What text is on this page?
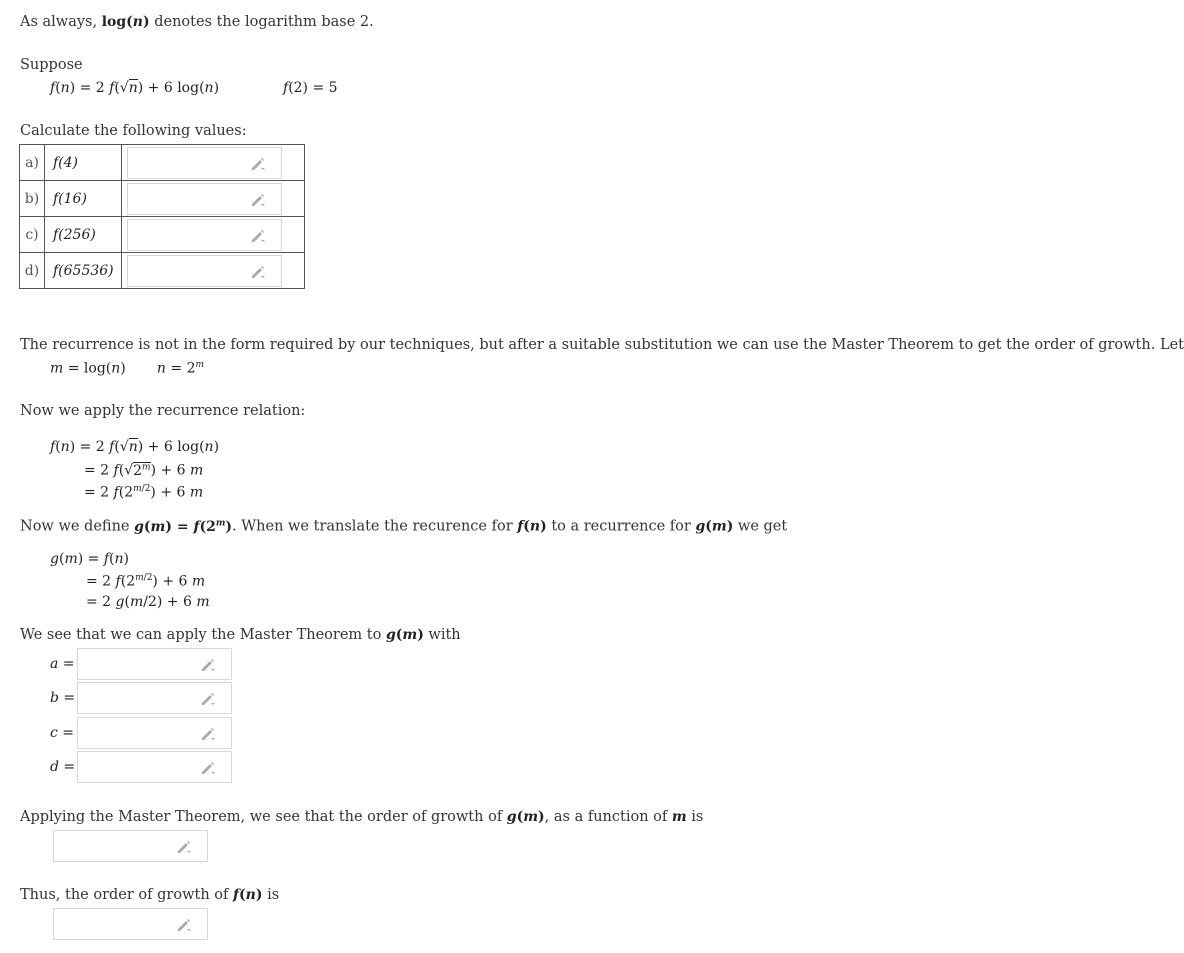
As always, log(n) denotes the logarithm base 2.
Suppose
f(n) = 2 f(√n) + 6 log(n)	f(2) = 5
Calculate the following values:
a)	f(4)	

b)	f(16)	

c)	f(256)	

d)	f(65536)	
The recurrence is not in the form required by our techniques, but after a suitable substitution we can use the Master Theorem to get the order of growth. Let
m = log(n)       $n = 2^m$
Now we apply the recurrence relation:
f(n) = 2 f(√n) + 6 log(n)
= 2 $f(√2^m) + 6$ m
= 2 $f(2^{m/2}) + 6$ m
Now we define $g(m) = f(2^m)$. When we translate the recurence for f(n) to a recurrence for g(m) we get
g(m) = f(n)
= 2 $f(2^{m/2}) + 6$ m
= 2 g(m/2) + 6 m
We see that we can apply the Master Theorem to g(m) with
a =
b =
c =
d =
Applying the Master Theorem, we see that the order of growth of g(m), as a function of m is
Thus, the order of growth of f(n) is
